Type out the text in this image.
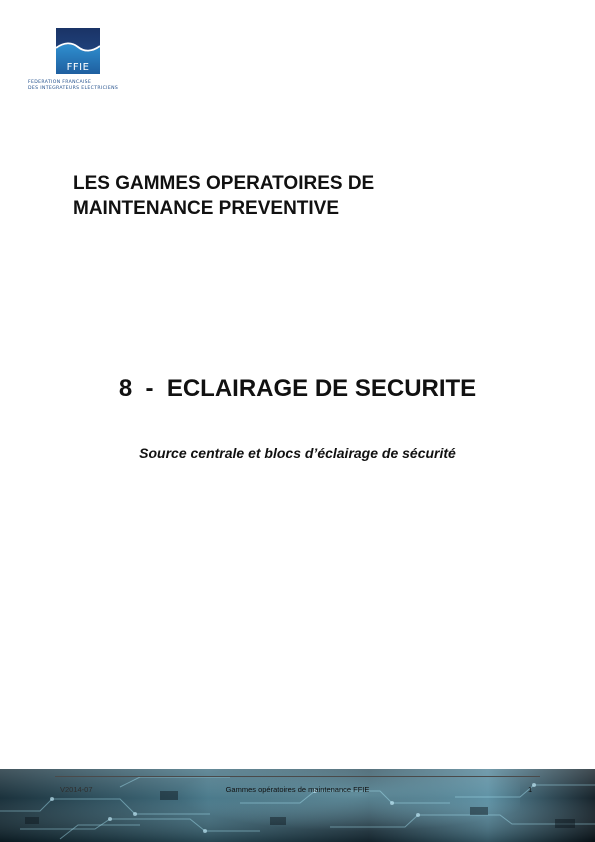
FFIE
FEDERATION FRANCAISE
DES INTEGRATEURS ELECTRICIENS
LES GAMMES OPERATOIRES DE
MAINTENANCE PREVENTIVE
8  -  ECLAIRAGE DE SECURITE
Source centrale et blocs d’éclairage de sécurité
V2014-07	Gammes opératoires de maintenance FFIE	1
